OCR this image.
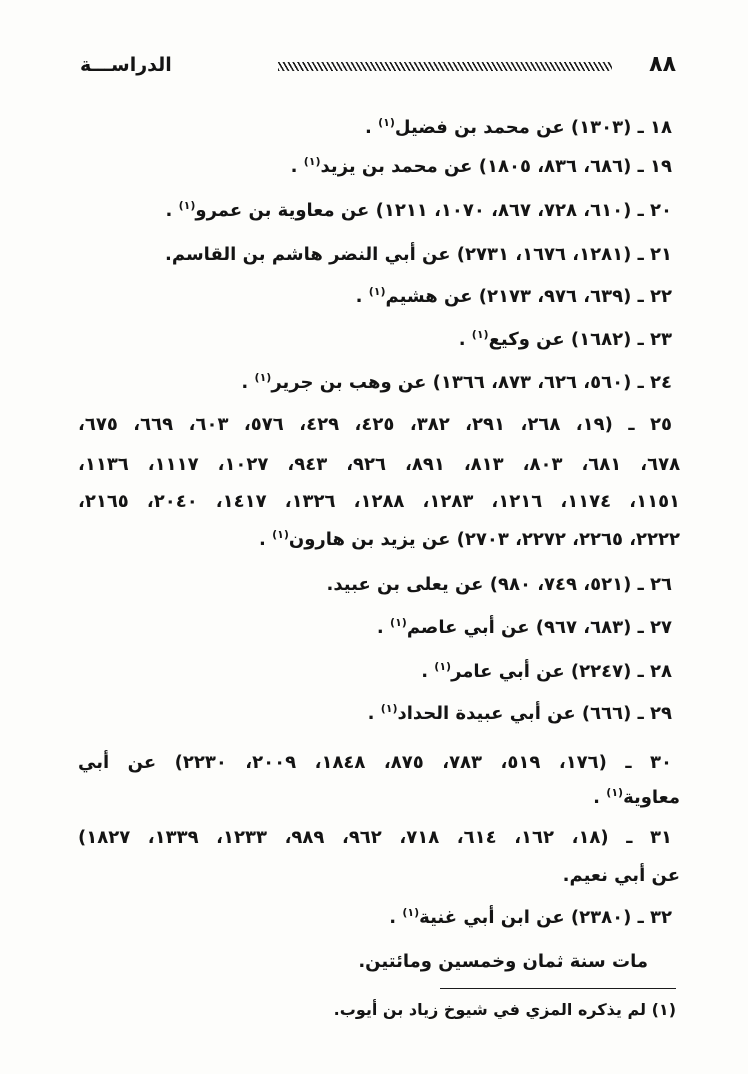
٨٨
الدراســـة
١٨ ـ (١٣٠٣) عن محمد بن فضيل$^{(١)}$ .
١٩ ـ (٦٨٦، ٨٣٦، ١٨٠٥) عن محمد بن يزيد$^{(١)}$ .
٢٠ ـ (٦١٠، ٧٢٨، ٨٦٧، ١٠٧٠، ١٢١١) عن معاوية بن عمرو$^{(١)}$ .
٢١ ـ (١٢٨١، ١٦٧٦، ٢٧٣١) عن أبي النضر هاشم بن القاسم.
٢٢ ـ (٦٣٩، ٩٧٦، ٢١٧٣) عن هشيم$^{(١)}$ .
٢٣ ـ (١٦٨٢) عن وكيع$^{(١)}$ .
٢٤ ـ (٥٦٠، ٦٢٦، ٨٧٣، ١٣٦٦) عن وهب بن جرير$^{(١)}$ .
٢٥ ـ (١٩، ٢٦٨، ٢٩١، ٣٨٢، ٤٢٥، ٤٢٩، ٥٧٦، ٦٠٣، ٦٦٩، ٦٧٥،
٦٧٨، ٦٨١، ٨٠٣، ٨١٣، ٨٩١، ٩٢٦، ٩٤٣، ١٠٢٧، ١١١٧، ١١٣٦،
١١٥١، ١١٧٤، ١٢١٦، ١٢٨٣، ١٢٨٨، ١٣٢٦، ١٤١٧، ٢٠٤٠، ٢١٦٥،
٢٢٢٢، ٢٢٦٥، ٢٢٧٢، ٢٧٠٣) عن يزيد بن هارون$^{(١)}$ .
٢٦ ـ (٥٢١، ٧٤٩، ٩٨٠) عن يعلى بن عبيد.
٢٧ ـ (٦٨٣، ٩٦٧) عن أبي عاصم$^{(١)}$ .
٢٨ ـ (٢٢٤٧) عن أبي عامر$^{(١)}$ .
٢٩ ـ (٦٦٦) عن أبي عبيدة الحداد$^{(١)}$ .
٣٠ ـ (١٧٦، ٥١٩، ٧٨٣، ٨٧٥، ١٨٤٨، ٢٠٠٩، ٢٢٣٠) عن أبي
معاوية$^{(١)}$ .
٣١ ـ (١٨، ١٦٢، ٦١٤، ٧١٨، ٩٦٢، ٩٨٩، ١٢٣٣، ١٣٣٩، ١٨٢٧)
عن أبي نعيم.
٣٢ ـ (٢٣٨٠) عن ابن أبي غنية$^{(١)}$ .
مات سنة ثمان وخمسين ومائتين.
(١) لم يذكره المزي في شيوخ زياد بن أيوب.
